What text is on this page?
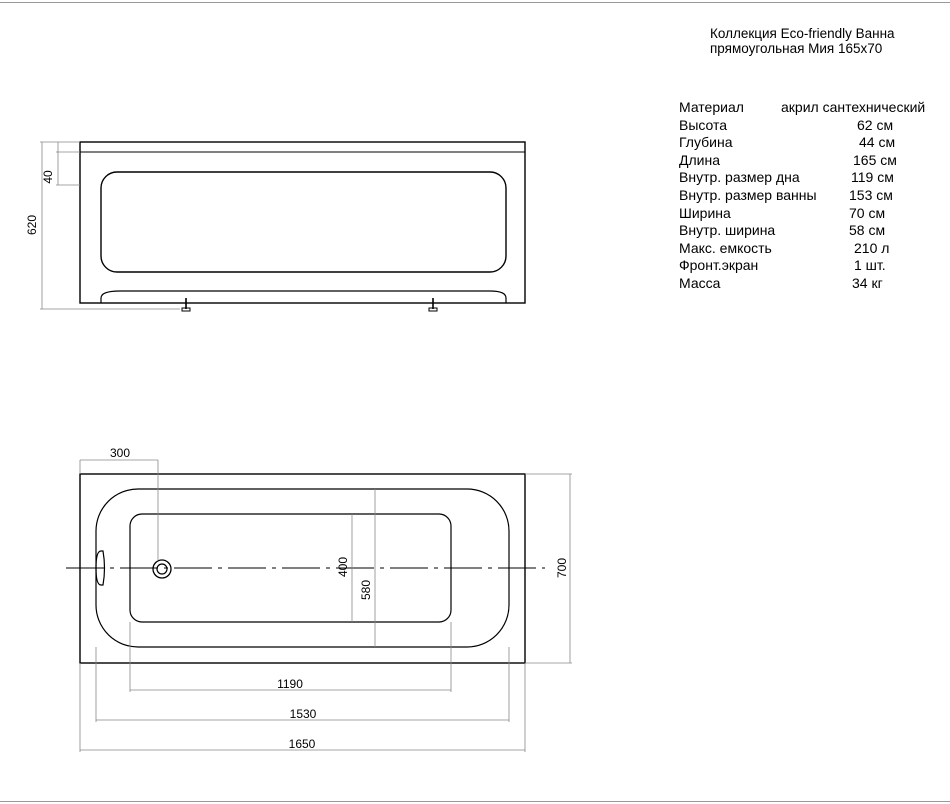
Коллекция Eco-friendly Ванна
прямоугольная Мия 165х70
Материал	акрил сантехнический
Высота	62 см
Глубина	44 см
Длина	165 см
Внутр. размер дна	119 см
Внутр. размер ванны 153 см
Ширина	70 см
Внутр. ширина	58 см
Макс. емкость	210 л
Фронт.экран	1 шт.
Масса	34 кг
40
620
300
400
580
700
1190
1530
1650
